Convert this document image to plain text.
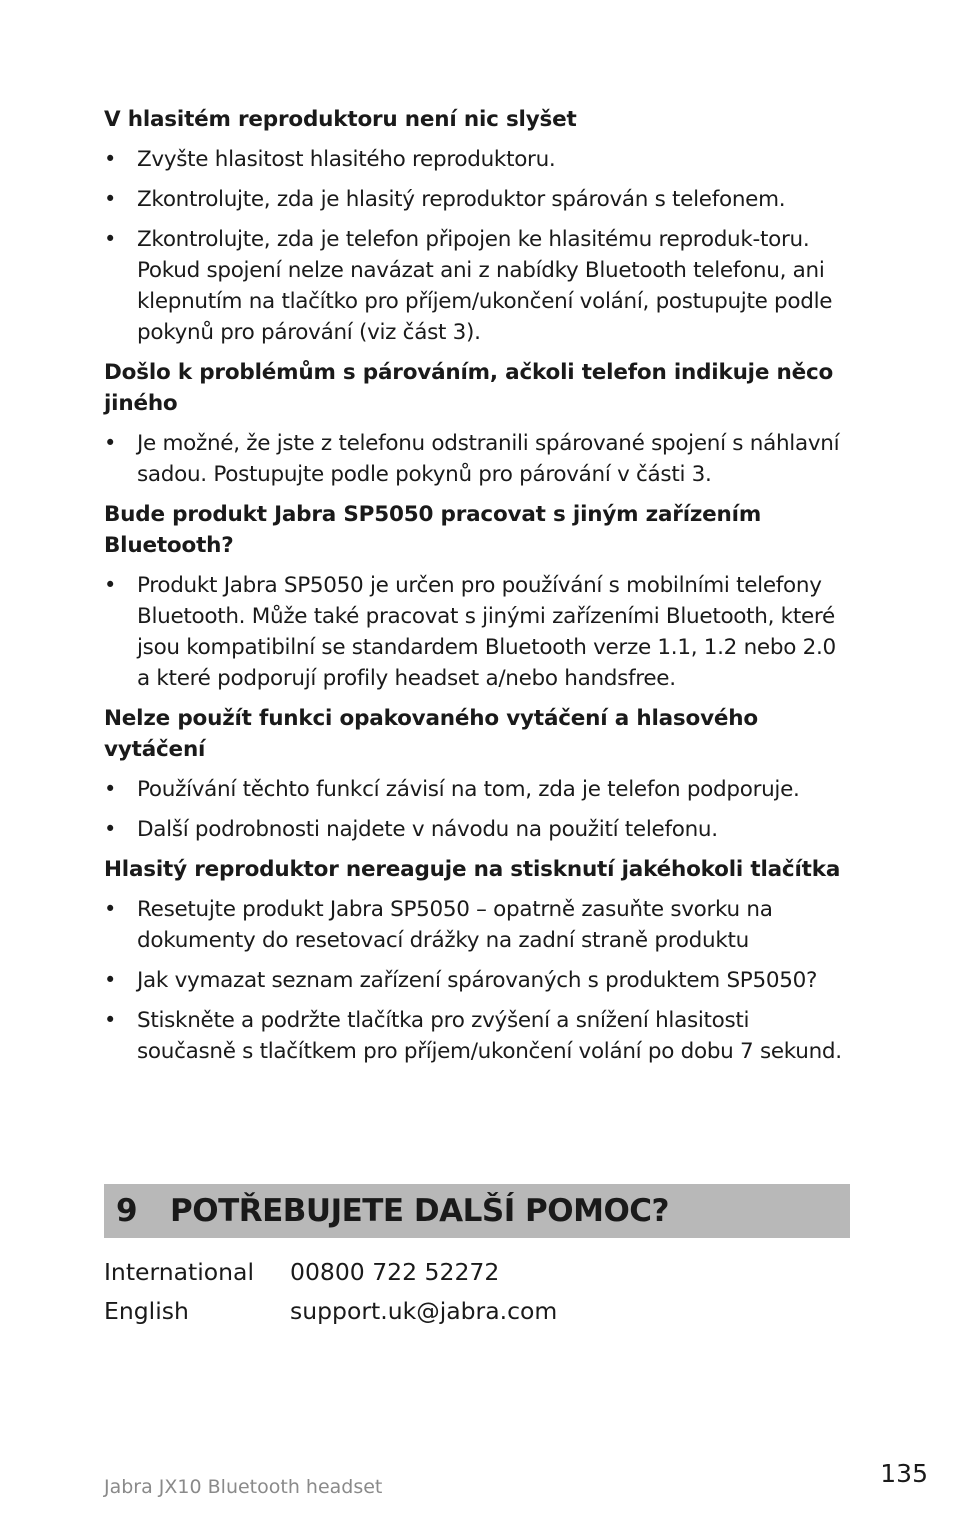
V hlasitém reproduktoru není nic slyšet
• Zvyšte hlasitost hlasitého reproduktoru.
• Zkontrolujte, zda je hlasitý reproduktor spárován s telefonem.
• Zkontrolujte, zda je telefon připojen ke hlasitému reproduk-toru. Pokud spojení nelze navázat ani z nabídky Bluetooth telefonu, ani klepnutím na tlačítko pro příjem/ukončení volání, postupujte podle pokynů pro párování (viz část 3).
Došlo k problémům s párováním, ačkoli telefon indikuje něco jiného
• Je možné, že jste z telefonu odstranili spárované spojení s náhlavní sadou. Postupujte podle pokynů pro párování v části 3.
Bude produkt Jabra SP5050 pracovat s jiným zařízením Bluetooth?
• Produkt Jabra SP5050 je určen pro používání s mobilními telefony Bluetooth. Může také pracovat s jinými zařízeními Bluetooth, které jsou kompatibilní se standardem Bluetooth verze 1.1, 1.2 nebo 2.0 a které podporují profily headset a/nebo handsfree.
Nelze použít funkci opakovaného vytáčení a hlasového vytáčení
• Používání těchto funkcí závisí na tom, zda je telefon podporuje.
• Další podrobnosti najdete v návodu na použití telefonu.
Hlasitý reproduktor nereaguje na stisknutí jakéhokoli tlačítka
• Resetujte produkt Jabra SP5050 – opatrně zasuňte svorku na dokumenty do resetovací drážky na zadní straně produktu
• Jak vymazat seznam zařízení spárovaných s produktem SP5050?
• Stiskněte a podržte tlačítka pro zvýšení a snížení hlasitosti současně s tlačítkem pro příjem/ukončení volání po dobu 7 sekund.
9 POTŘEBUJETE DALŠÍ POMOC?
International	00800 722 52272
English	support.uk@jabra.com
Jabra JX10 Bluetooth headset	135
